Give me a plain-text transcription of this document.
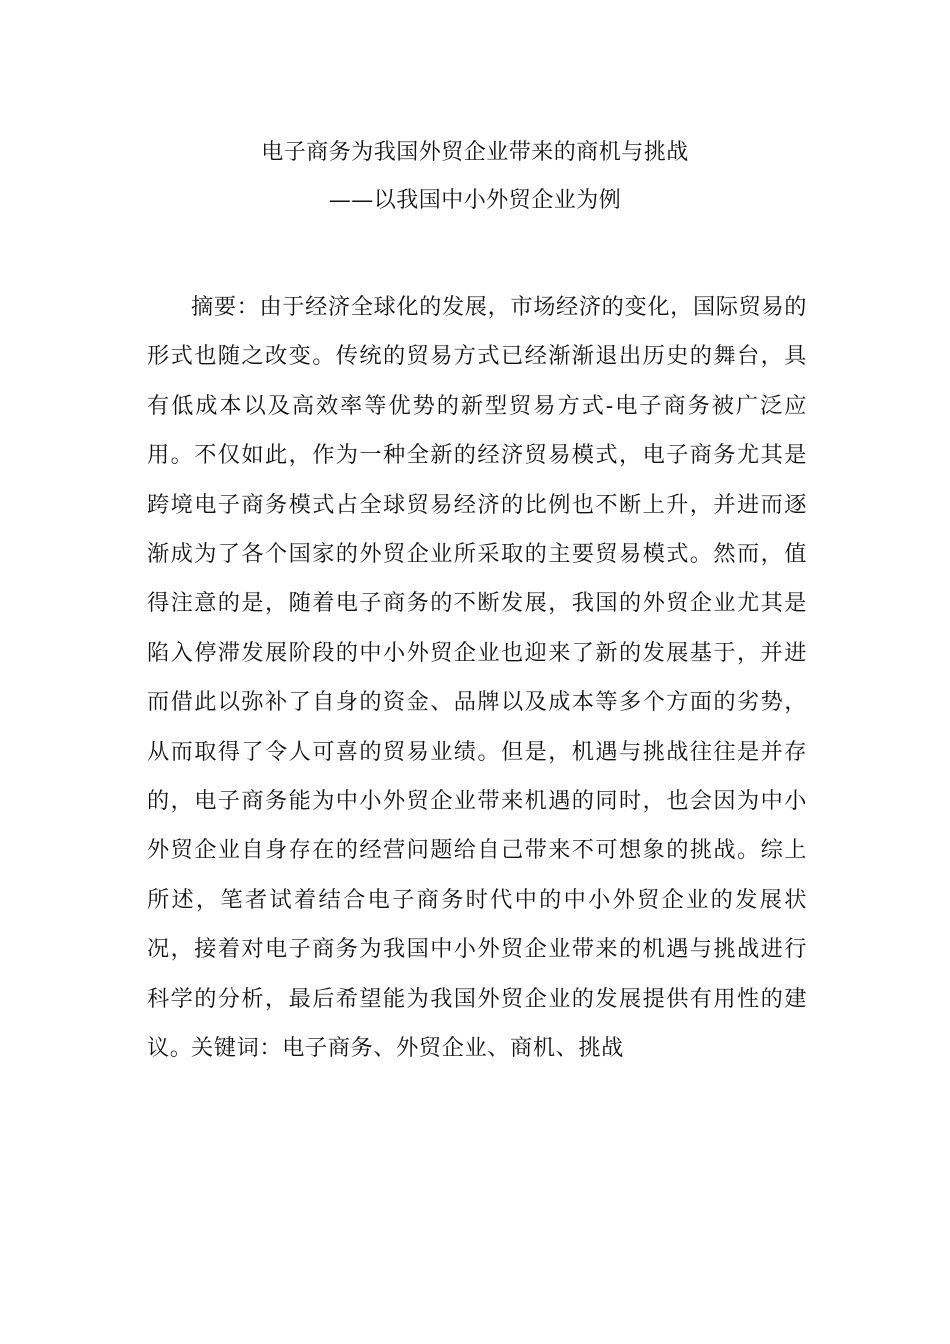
电子商务为我国外贸企业带来的商机与挑战
——以我国中小外贸企业为例

摘要：由于经济全球化的发展，市场经济的变化，国际贸易的形式也随之改变。传统的贸易方式已经渐渐退出历史的舞台，具有低成本以及高效率等优势的新型贸易方式-电子商务被广泛应用。不仅如此，作为一种全新的经济贸易模式，电子商务尤其是跨境电子商务模式占全球贸易经济的比例也不断上升，并进而逐渐成为了各个国家的外贸企业所采取的主要贸易模式。然而，值得注意的是，随着电子商务的不断发展，我国的外贸企业尤其是陷入停滞发展阶段的中小外贸企业也迎来了新的发展基于，并进而借此以弥补了自身的资金、品牌以及成本等多个方面的劣势，从而取得了令人可喜的贸易业绩。但是，机遇与挑战往往是并存的，电子商务能为中小外贸企业带来机遇的同时，也会因为中小外贸企业自身存在的经营问题给自己带来不可想象的挑战。综上所述，笔者试着结合电子商务时代中的中小外贸企业的发展状况，接着对电子商务为我国中小外贸企业带来的机遇与挑战进行科学的分析，最后希望能为我国外贸企业的发展提供有用性的建议。

关键词：电子商务、外贸企业、商机、挑战
